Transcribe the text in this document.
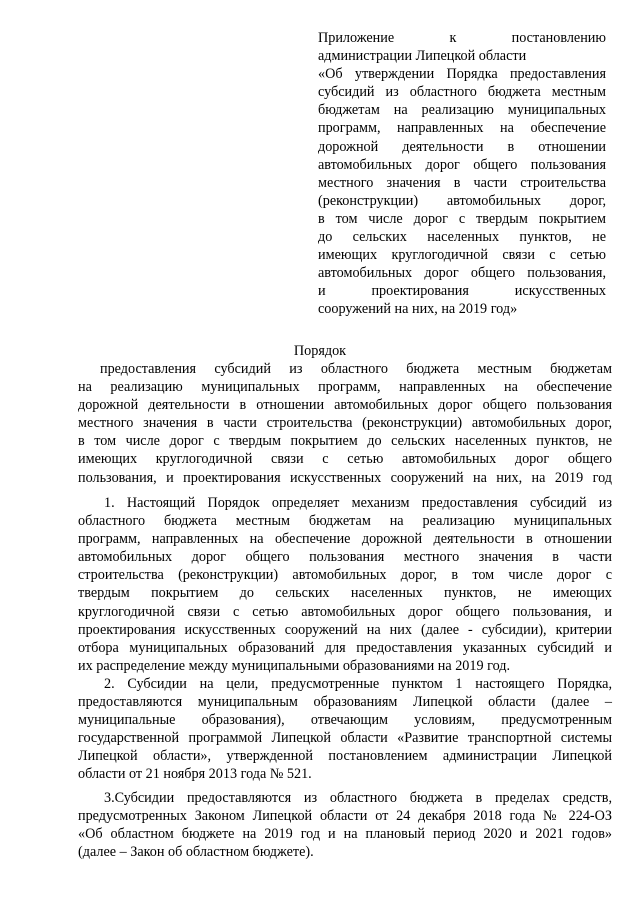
Приложение к постановлению
администрации Липецкой области
«Об утверждении Порядка предоставления
субсидий из областного бюджета местным
бюджетам на реализацию муниципальных
программ, направленных на обеспечение
дорожной деятельности в отношении
автомобильных дорог общего пользования
местного значения в части строительства
(реконструкции) автомобильных дорог,
в том числе дорог с твердым покрытием
до сельских населенных пунктов, не
имеющих круглогодичной связи с сетью
автомобильных дорог общего пользования,
и проектирования искусственных
сооружений на них, на 2019 год»
Порядок
предоставления субсидий из областного бюджета местным бюджетам
на реализацию муниципальных программ, направленных на обеспечение
дорожной деятельности в отношении автомобильных дорог общего пользования
местного значения в части строительства (реконструкции) автомобильных дорог,
в том числе дорог с твердым покрытием до сельских населенных пунктов, не
имеющих круглогодичной связи с сетью автомобильных дорог общего
пользования, и проектирования искусственных сооружений на них, на 2019 год
1. Настоящий Порядок определяет механизм предоставления субсидий из
областного бюджета местным бюджетам на реализацию муниципальных
программ, направленных на обеспечение дорожной деятельности в отношении
автомобильных дорог общего пользования местного значения в части
строительства (реконструкции) автомобильных дорог, в том числе дорог с
твердым покрытием до сельских населенных пунктов, не имеющих
круглогодичной связи с сетью автомобильных дорог общего пользования, и
проектирования искусственных сооружений на них (далее - субсидии), критерии
отбора муниципальных образований для предоставления указанных субсидий и
их распределение между муниципальными образованиями на 2019 год.
2. Субсидии на цели, предусмотренные пунктом 1 настоящего Порядка,
предоставляются муниципальным образованиям Липецкой области (далее –
муниципальные образования), отвечающим условиям, предусмотренным
государственной программой Липецкой области «Развитие транспортной системы
Липецкой области», утвержденной постановлением администрации Липецкой
области от 21 ноября 2013 года № 521.
3.Субсидии предоставляются из областного бюджета в пределах средств,
предусмотренных Законом Липецкой области от 24 декабря 2018 года № 224-ОЗ
«Об областном бюджете на 2019 год и на плановый период 2020 и 2021 годов»
(далее – Закон об областном бюджете).
